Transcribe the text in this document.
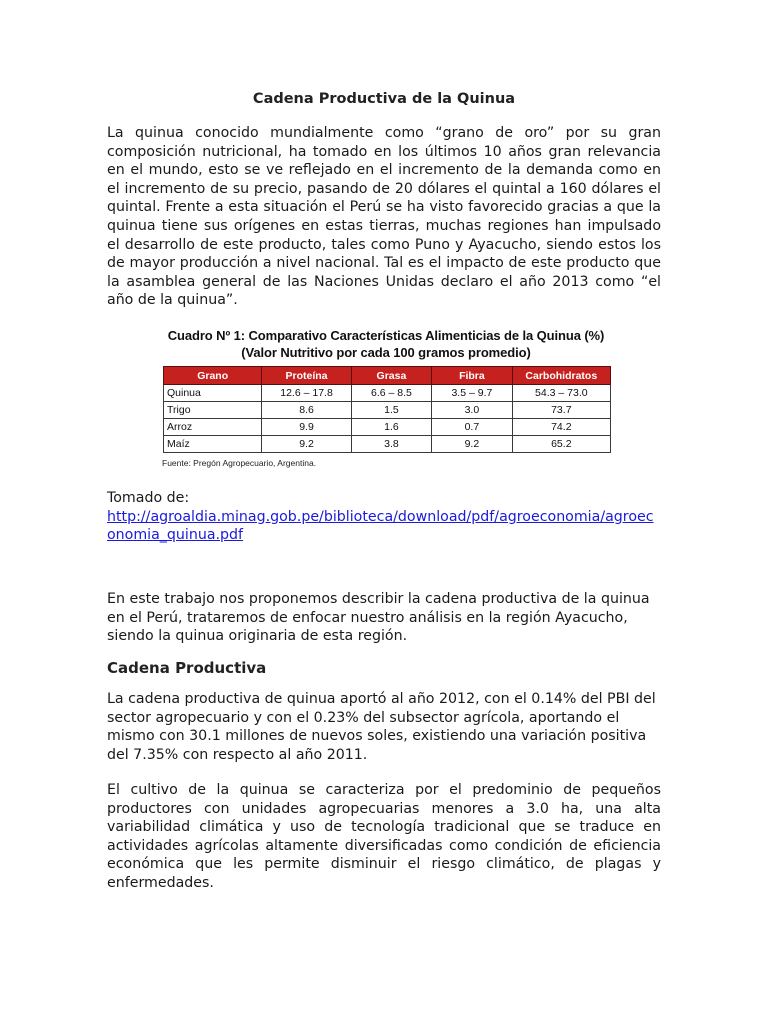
Cadena Productiva de la Quinua

La quinua conocido mundialmente como “grano de oro” por su gran composición nutricional, ha tomado en los últimos 10 años gran relevancia en el mundo, esto se ve reflejado en el incremento de la demanda como en el incremento de su precio, pasando de 20 dólares el quintal a 160 dólares el quintal. Frente a esta situación el Perú se ha visto favorecido gracias a que la quinua tiene sus orígenes en estas tierras, muchas regiones han impulsado el desarrollo de este producto, tales como Puno y Ayacucho, siendo estos los de mayor producción a nivel nacional. Tal es el impacto de este producto que la asamblea general de las Naciones Unidas declaro el año 2013 como “el año de la quinua”.

Cuadro Nº 1: Comparativo Características Alimenticias de la Quinua (%)
(Valor Nutritivo por cada 100 gramos promedio)
Grano	Proteína	Grasa	Fibra	Carbohidratos
Quinua	12.6 – 17.8	6.6 – 8.5	3.5 – 9.7	54.3 – 73.0
Trigo	8.6	1.5	3.0	73.7
Arroz	9.9	1.6	0.7	74.2
Maíz	9.2	3.8	9.2	65.2
Fuente: Pregón Agropecuario, Argentina.

Tomado de:
http://agroaldia.minag.gob.pe/biblioteca/download/pdf/agroeconomia/agroeconomia_quinua.pdf

En este trabajo nos proponemos describir la cadena productiva de la quinua en el Perú, trataremos de enfocar nuestro análisis en la región Ayacucho, siendo la quinua originaria de esta región.

Cadena Productiva

La cadena productiva de quinua aportó al año 2012, con el 0.14% del PBI del sector agropecuario y con el 0.23% del subsector agrícola, aportando el mismo con 30.1 millones de nuevos soles, existiendo una variación positiva del 7.35% con respecto al año 2011.

El cultivo de la quinua se caracteriza por el predominio de pequeños productores con unidades agropecuarias menores a 3.0 ha, una alta variabilidad climática y uso de tecnología tradicional que se traduce en actividades agrícolas altamente diversificadas como condición de eficiencia económica que les permite disminuir el riesgo climático, de plagas y enfermedades.
